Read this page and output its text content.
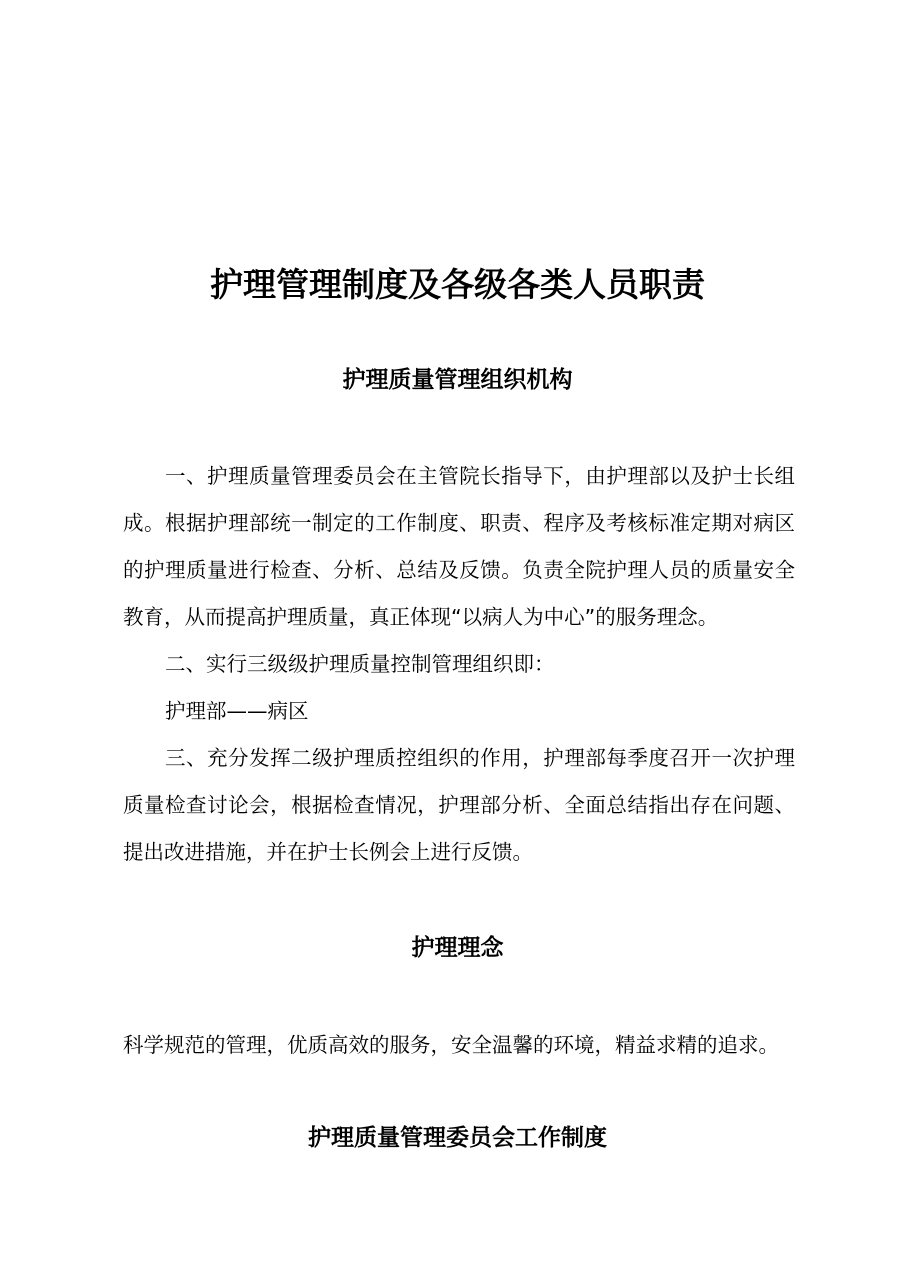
护理管理制度及各级各类人员职责
护理质量管理组织机构

一、护理质量管理委员会在主管院长指导下，由护理部以及护士长组成。根据护理部统一制定的工作制度、职责、程序及考核标准定期对病区的护理质量进行检查、分析、总结及反馈。负责全院护理人员的质量安全教育，从而提高护理质量，真正体现“以病人为中心”的服务理念。

二、实行三级级护理质量控制管理组织即：

护理部——病区

三、充分发挥二级护理质控组织的作用，护理部每季度召开一次护理质量检查讨论会，根据检查情况，护理部分析、全面总结指出存在问题、提出改进措施，并在护士长例会上进行反馈。

护理理念

科学规范的管理，优质高效的服务，安全温馨的环境，精益求精的追求。

护理质量管理委员会工作制度
